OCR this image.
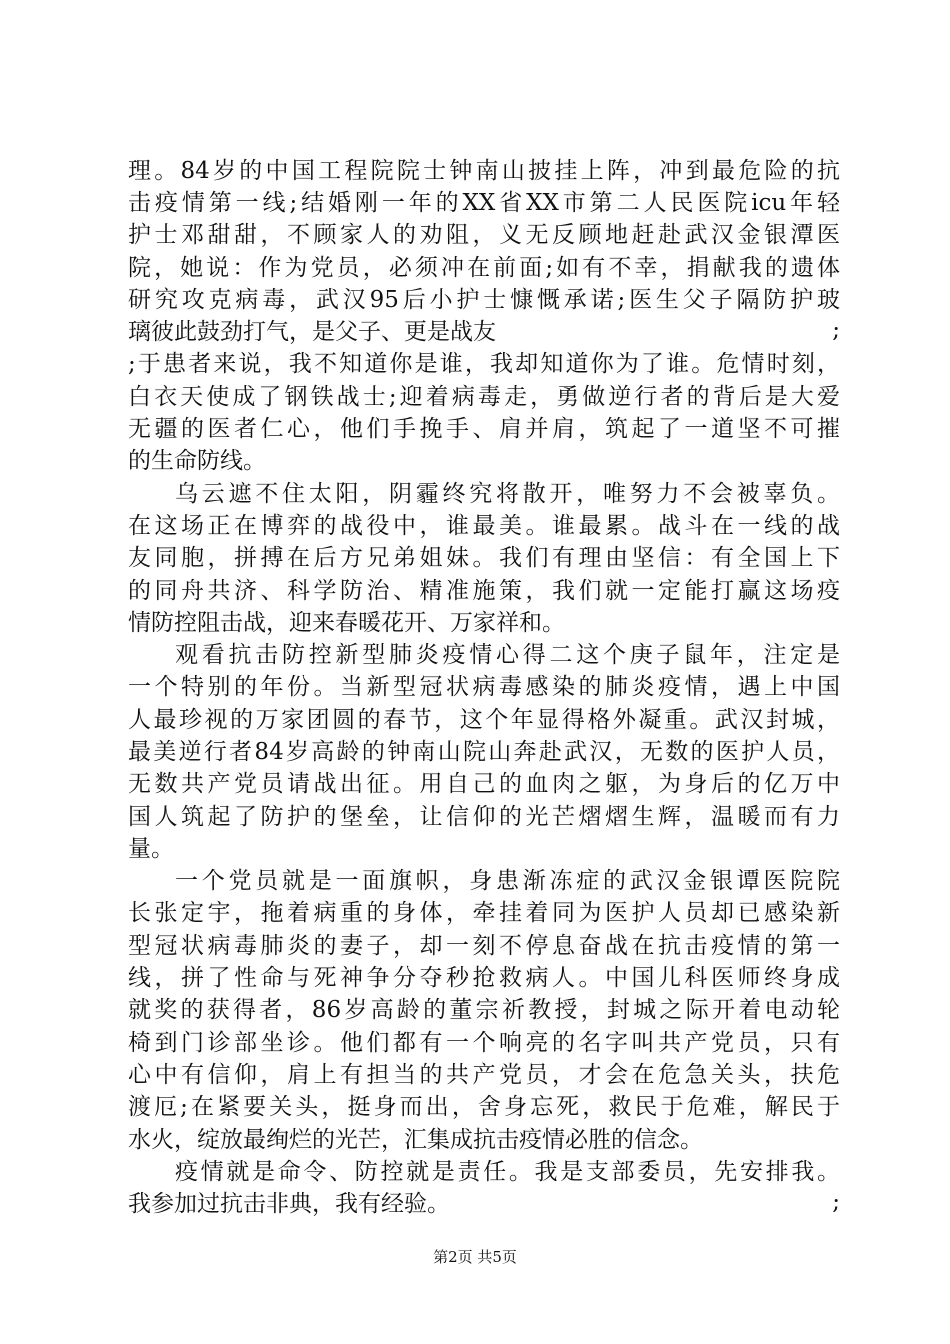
理。84岁的中国工程院院士钟南山披挂上阵，冲到最危险的抗
击疫情第一线;结婚刚一年的XX省XX市第二人民医院icu年轻
护士邓甜甜，不顾家人的劝阻，义无反顾地赶赴武汉金银潭医
院，她说：作为党员，必须冲在前面;如有不幸，捐献我的遗体
研究攻克病毒，武汉95后小护士慷慨承诺;医生父子隔防护玻
璃彼此鼓劲打气，是父子、更是战友	;
;于患者来说，我不知道你是谁，我却知道你为了谁。危情时刻，
白衣天使成了钢铁战士;迎着病毒走，勇做逆行者的背后是大爱
无疆的医者仁心，他们手挽手、肩并肩，筑起了一道坚不可摧
的生命防线。
乌云遮不住太阳，阴霾终究将散开，唯努力不会被辜负。
在这场正在博弈的战役中，谁最美。谁最累。战斗在一线的战
友同胞，拼搏在后方兄弟姐妹。我们有理由坚信：有全国上下
的同舟共济、科学防治、精准施策，我们就一定能打赢这场疫
情防控阻击战，迎来春暖花开、万家祥和。
观看抗击防控新型肺炎疫情心得二这个庚子鼠年，注定是
一个特别的年份。当新型冠状病毒感染的肺炎疫情，遇上中国
人最珍视的万家团圆的春节，这个年显得格外凝重。武汉封城，
最美逆行者84岁高龄的钟南山院山奔赴武汉，无数的医护人员，
无数共产党员请战出征。用自己的血肉之躯，为身后的亿万中
国人筑起了防护的堡垒，让信仰的光芒熠熠生辉，温暖而有力
量。
一个党员就是一面旗帜，身患渐冻症的武汉金银谭医院院
长张定宇，拖着病重的身体，牵挂着同为医护人员却已感染新
型冠状病毒肺炎的妻子，却一刻不停息奋战在抗击疫情的第一
线，拼了性命与死神争分夺秒抢救病人。中国儿科医师终身成
就奖的获得者，86岁高龄的董宗祈教授，封城之际开着电动轮
椅到门诊部坐诊。他们都有一个响亮的名字叫共产党员，只有
心中有信仰，肩上有担当的共产党员，才会在危急关头，扶危
渡厄;在紧要关头，挺身而出，舍身忘死，救民于危难，解民于
水火，绽放最绚烂的光芒，汇集成抗击疫情必胜的信念。
疫情就是命令、防控就是责任。我是支部委员，先安排我。
我参加过抗击非典，我有经验。	;
第2页 共5页
